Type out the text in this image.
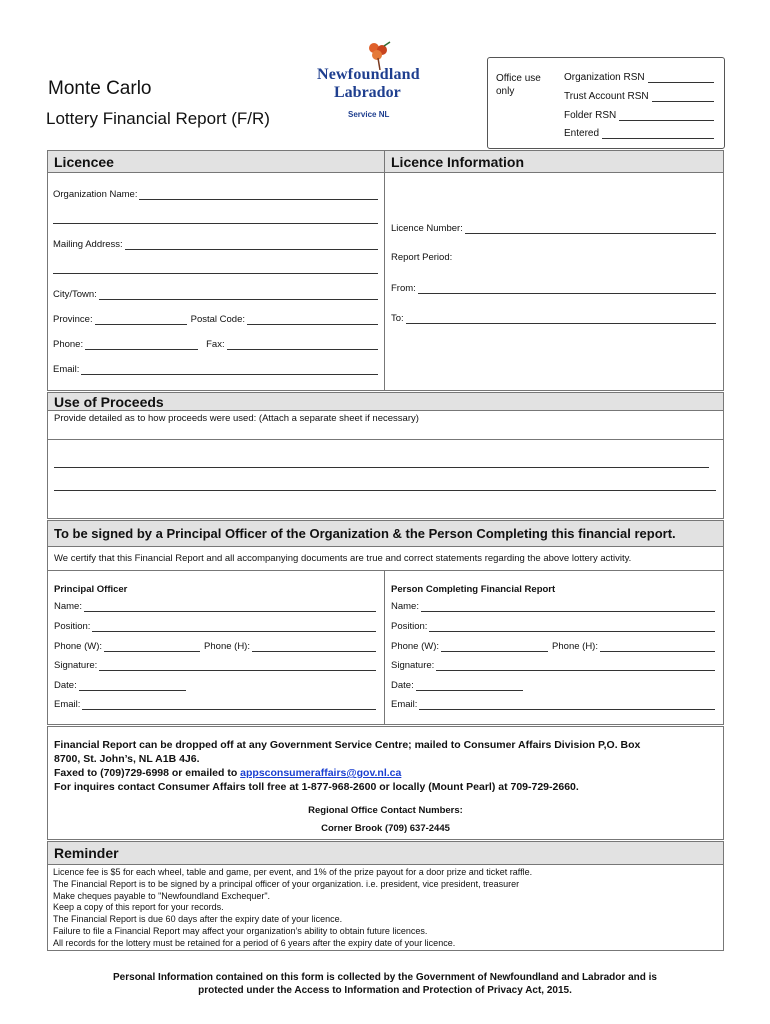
Monte Carlo
Lottery Financial Report (F/R)
Newfoundland
Labrador
Service NL
Office use only
Organization RSN
Trust Account RSN
Folder RSN
Entered
Licencee	Licence Information
Organization Name:
Mailing Address:
City/Town:
Province:	Postal Code:
Phone:	Fax:
Email:
Licence Number:
Report Period:
From:
To:
Use of Proceeds
Provide detailed as to how proceeds were used: (Attach a separate sheet if necessary)
To be signed by a Principal Officer of the Organization & the Person Completing this financial report.
We certify that this Financial Report and all accompanying documents are true and correct statements regarding the above lottery activity.
Principal Officer
Name:
Position:
Phone (W):	Phone (H):
Signature:
Date:
Email:
Person Completing Financial Report
Name:
Position:
Phone (W):	Phone (H):
Signature:
Date:
Email:
Financial Report can be dropped off at any Government Service Centre; mailed to Consumer Affairs Division P,O. Box
8700, St. John’s, NL A1B 4J6.
Faxed to (709)729-6998 or emailed to appsconsumeraffairs@gov.nl.ca
For inquires contact Consumer Affairs toll free at 1-877-968-2600 or locally (Mount Pearl) at 709-729-2660.
Regional Office Contact Numbers:
Corner Brook (709) 637-2445
Reminder
Licence fee is $5 for each wheel, table and game, per event, and 1% of the prize payout for a door prize and ticket raffle.
The Financial Report is to be signed by a principal officer of your organization. i.e. president, vice president, treasurer
Make cheques payable to "Newfoundland Exchequer".
Keep a copy of this report for your records.
The Financial Report is due 60 days after the expiry date of your licence.
Failure to file a Financial Report may affect your organization’s ability to obtain future licences.
All records for the lottery must be retained for a period of 6 years after the expiry date of your licence.
Personal Information contained on this form is collected by the Government of Newfoundland and Labrador and is
protected under the Access to Information and Protection of Privacy Act, 2015.
